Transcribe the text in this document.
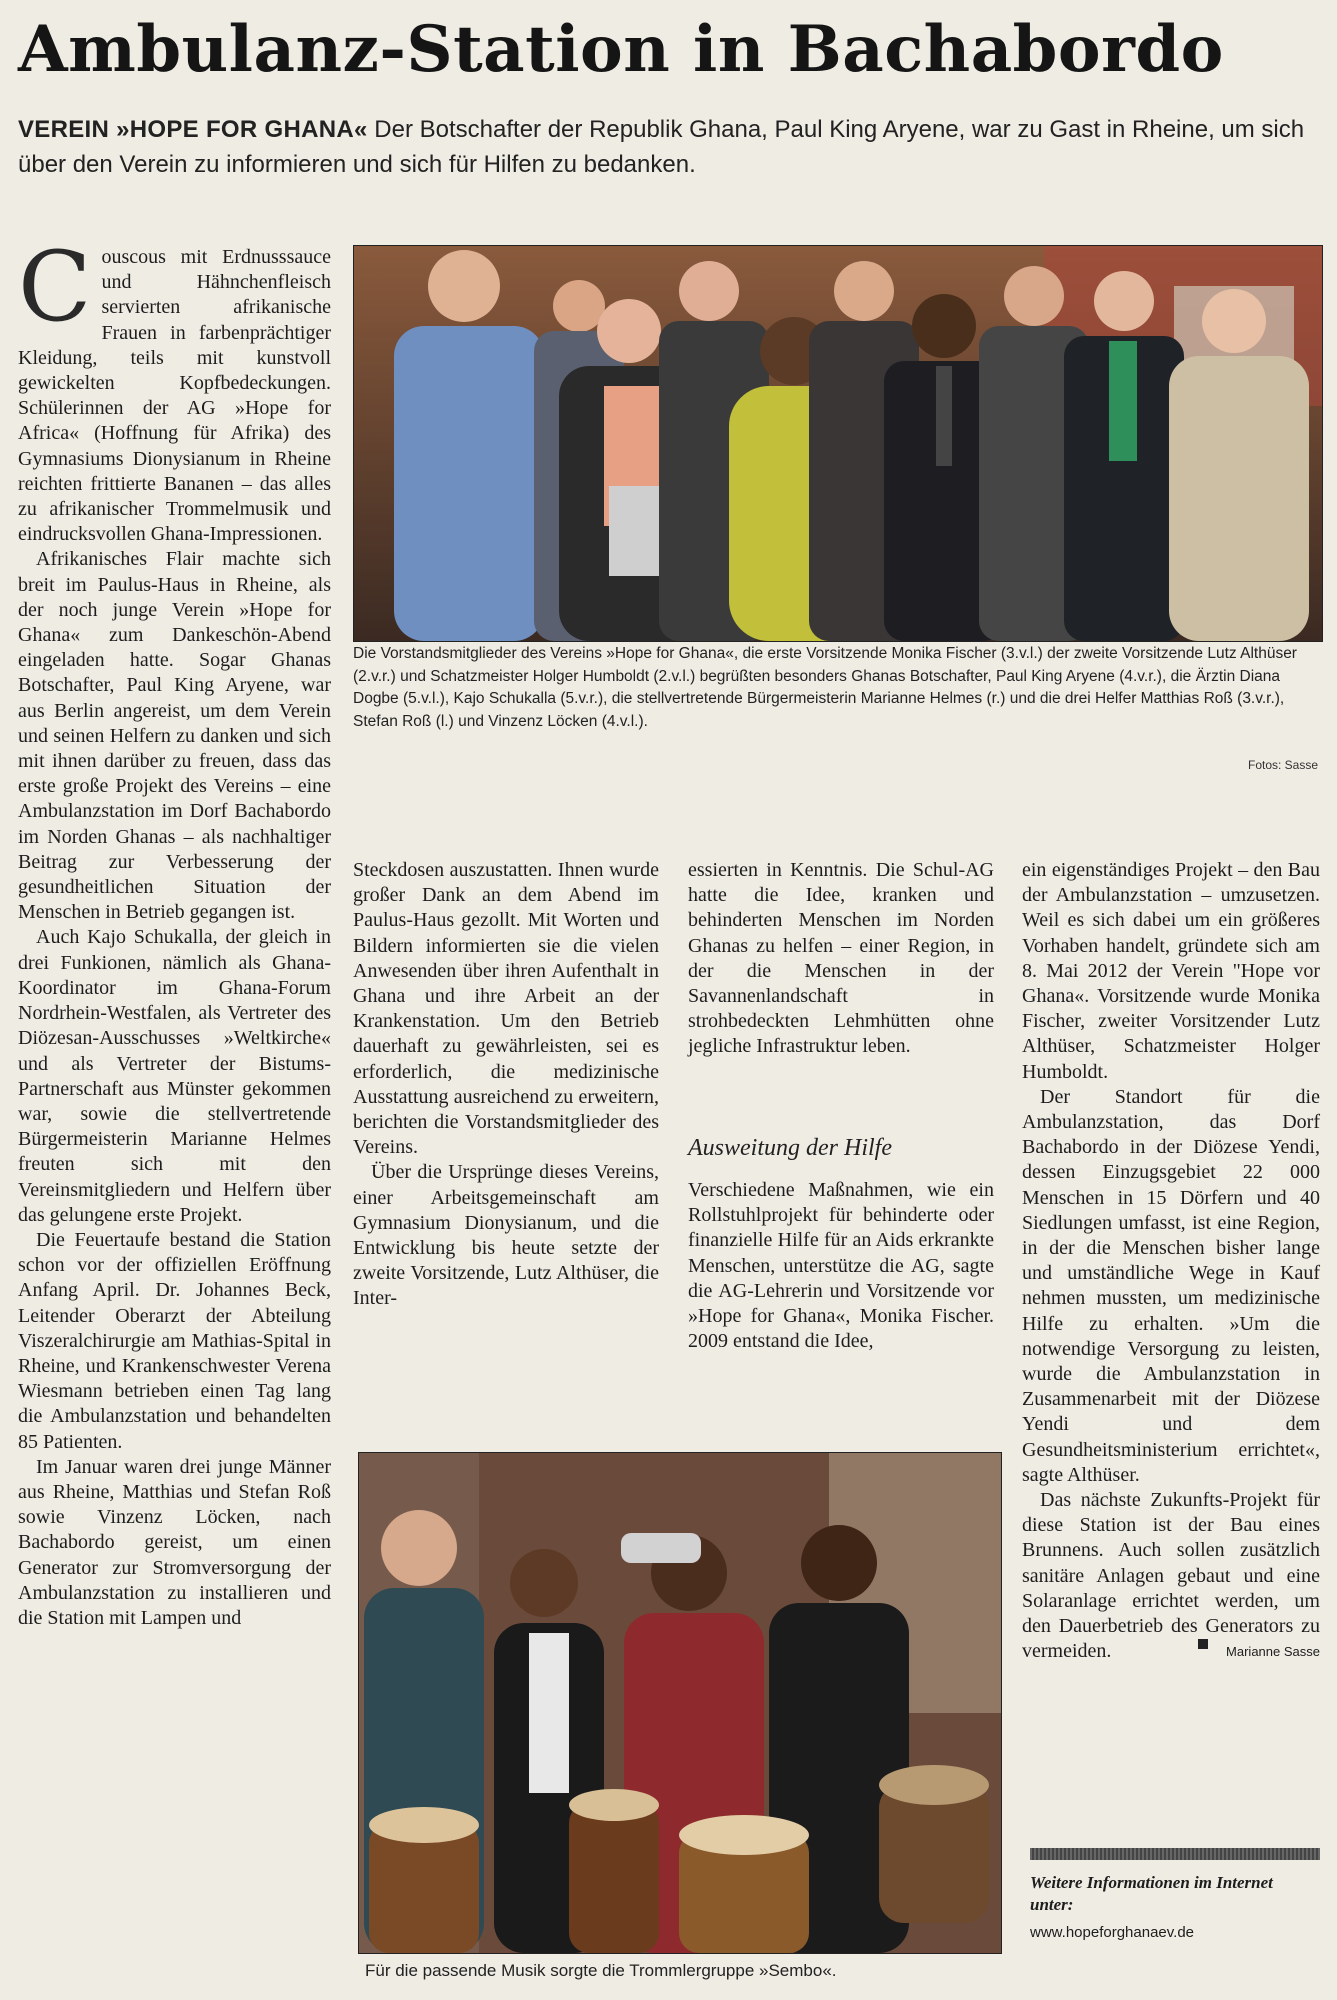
Ambulanz-Station in Bachabordo
VEREIN »HOPE FOR GHANA« Der Botschafter der Republik Ghana, Paul King Aryene, war zu Gast in Rheine, um sich über den Verein zu informieren und sich für Hilfen zu bedanken.
Die Vorstandsmitglieder des Vereins »Hope for Ghana«, die erste Vorsitzende Monika Fischer (3.v.l.) der zweite Vorsitzende Lutz Althüser (2.v.r.) und Schatzmeister Holger Humboldt (2.v.l.) begrüßten besonders Ghanas Botschafter, Paul King Aryene (4.v.r.), die Ärztin Diana Dogbe (5.v.l.), Kajo Schukalla (5.v.r.), die stellvertretende Bürgermeisterin Marianne Helmes (r.) und die drei Helfer Matthias Roß (3.v.r.), Stefan Roß (l.) und Vinzenz Löcken (4.v.l.).
Fotos: Sasse

Couscous mit Erdnusssauce und Hähnchenfleisch servierten afrikanische Frauen in farbenprächtiger Kleidung, teils mit kunstvoll gewickelten Kopfbedeckungen. Schülerinnen der AG »Hope for Africa« (Hoffnung für Afrika) des Gymnasiums Dionysianum in Rheine reichten frittierte Bananen – das alles zu afrikanischer Trommelmusik und eindrucksvollen Ghana-Impressionen.

Afrikanisches Flair machte sich breit im Paulus-Haus in Rheine, als der noch junge Verein »Hope for Ghana« zum Dankeschön-Abend eingeladen hatte. Sogar Ghanas Botschafter, Paul King Aryene, war aus Berlin angereist, um dem Verein und seinen Helfern zu danken und sich mit ihnen darüber zu freuen, dass das erste große Projekt des Vereins – eine Ambulanzstation im Dorf Bachabordo im Norden Ghanas – als nachhaltiger Beitrag zur Verbesserung der gesundheitlichen Situation der Menschen in Betrieb gegangen ist.

Auch Kajo Schukalla, der gleich in drei Funkionen, nämlich als Ghana-Koordinator im Ghana-Forum Nordrhein-Westfalen, als Vertreter des Diözesan-Ausschusses »Weltkirche« und als Vertreter der Bistums-Partnerschaft aus Münster gekommen war, sowie die stellvertretende Bürgermeisterin Marianne Helmes freuten sich mit den Vereinsmitgliedern und Helfern über das gelungene erste Projekt.

Die Feuertaufe bestand die Station schon vor der offiziellen Eröffnung Anfang April. Dr. Johannes Beck, Leitender Oberarzt der Abteilung Viszeralchirurgie am Mathias-Spital in Rheine, und Krankenschwester Verena Wiesmann betrieben einen Tag lang die Ambulanzstation und behandelten 85 Patienten.

Im Januar waren drei junge Männer aus Rheine, Matthias und Stefan Roß sowie Vinzenz Löcken, nach Bachabordo gereist, um einen Generator zur Stromversorgung der Ambulanzstation zu installieren und die Station mit Lampen und

Steckdosen auszustatten. Ihnen wurde großer Dank an dem Abend im Paulus-Haus gezollt. Mit Worten und Bildern informierten sie die vielen Anwesenden über ihren Aufenthalt in Ghana und ihre Arbeit an der Krankenstation. Um den Betrieb dauerhaft zu gewährleisten, sei es erforderlich, die medizinische Ausstattung ausreichend zu erweitern, berichten die Vorstandsmitglieder des Vereins.

Über die Ursprünge dieses Vereins, einer Arbeitsgemeinschaft am Gymnasium Dionysianum, und die Entwicklung bis heute setzte der zweite Vorsitzende, Lutz Althüser, die Inter-

essierten in Kenntnis. Die Schul-AG hatte die Idee, kranken und behinderten Menschen im Norden Ghanas zu helfen – einer Region, in der die Menschen in der Savannenlandschaft in strohbedeckten Lehmhütten ohne jegliche Infrastruktur leben.

Ausweitung der Hilfe

Verschiedene Maßnahmen, wie ein Rollstuhlprojekt für behinderte oder finanzielle Hilfe für an Aids erkrankte Menschen, unterstütze die AG, sagte die AG-Lehrerin und Vorsitzende vor »Hope for Ghana«, Monika Fischer. 2009 entstand die Idee,

ein eigenständiges Projekt – den Bau der Ambulanzstation – umzusetzen. Weil es sich dabei um ein größeres Vorhaben handelt, gründete sich am 8. Mai 2012 der Verein "Hope vor Ghana«. Vorsitzende wurde Monika Fischer, zweiter Vorsitzender Lutz Althüser, Schatzmeister Holger Humboldt.

Der Standort für die Ambulanzstation, das Dorf Bachabordo in der Diözese Yendi, dessen Einzugsgebiet 22 000 Menschen in 15 Dörfern und 40 Siedlungen umfasst, ist eine Region, in der die Menschen bisher lange und umständliche Wege in Kauf nehmen mussten, um medizinische Hilfe zu erhalten. »Um die notwendige Versorgung zu leisten, wurde die Ambulanzstation in Zusammenarbeit mit der Diözese Yendi und dem Gesundheitsministerium errichtet«, sagte Althüser.

Das nächste Zukunfts-Projekt für diese Station ist der Bau eines Brunnens. Auch sollen zusätzlich sanitäre Anlagen gebaut und eine Solaranlage errichtet werden, um den Dauerbetrieb des Generators zu vermeiden.	Marianne Sasse

Für die passende Musik sorgte die Trommlergruppe »Sembo«.
Weitere Informationen im Internet unter:
www.hopeforghanaev.de
